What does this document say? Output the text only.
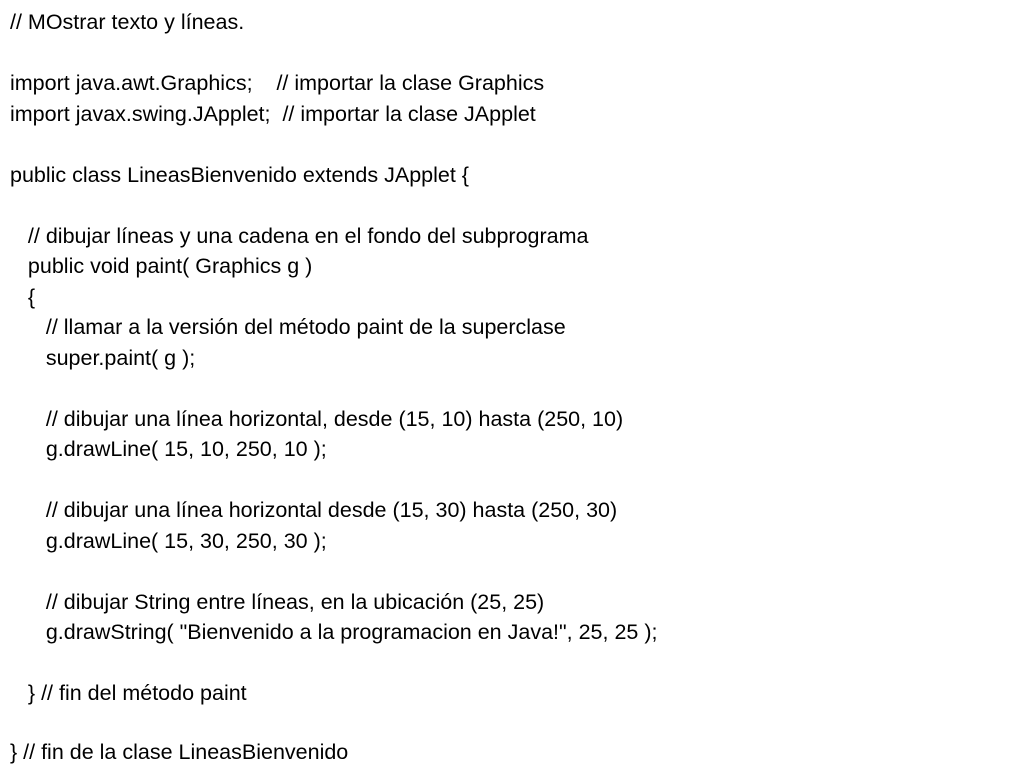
// MOstrar texto y líneas.
import java.awt.Graphics;    // importar la clase Graphics
import javax.swing.JApplet;  // importar la clase JApplet
public class LineasBienvenido extends JApplet {
// dibujar líneas y una cadena en el fondo del subprograma
public void paint( Graphics g )
{
// llamar a la versión del método paint de la superclase
super.paint( g );
// dibujar una línea horizontal, desde (15, 10) hasta (250, 10)
g.drawLine( 15, 10, 250, 10 );
// dibujar una línea horizontal desde (15, 30) hasta (250, 30)
g.drawLine( 15, 30, 250, 30 );
// dibujar String entre líneas, en la ubicación (25, 25)
g.drawString( "Bienvenido a la programacion en Java!", 25, 25 );
} // fin del método paint
} // fin de la clase LineasBienvenido
